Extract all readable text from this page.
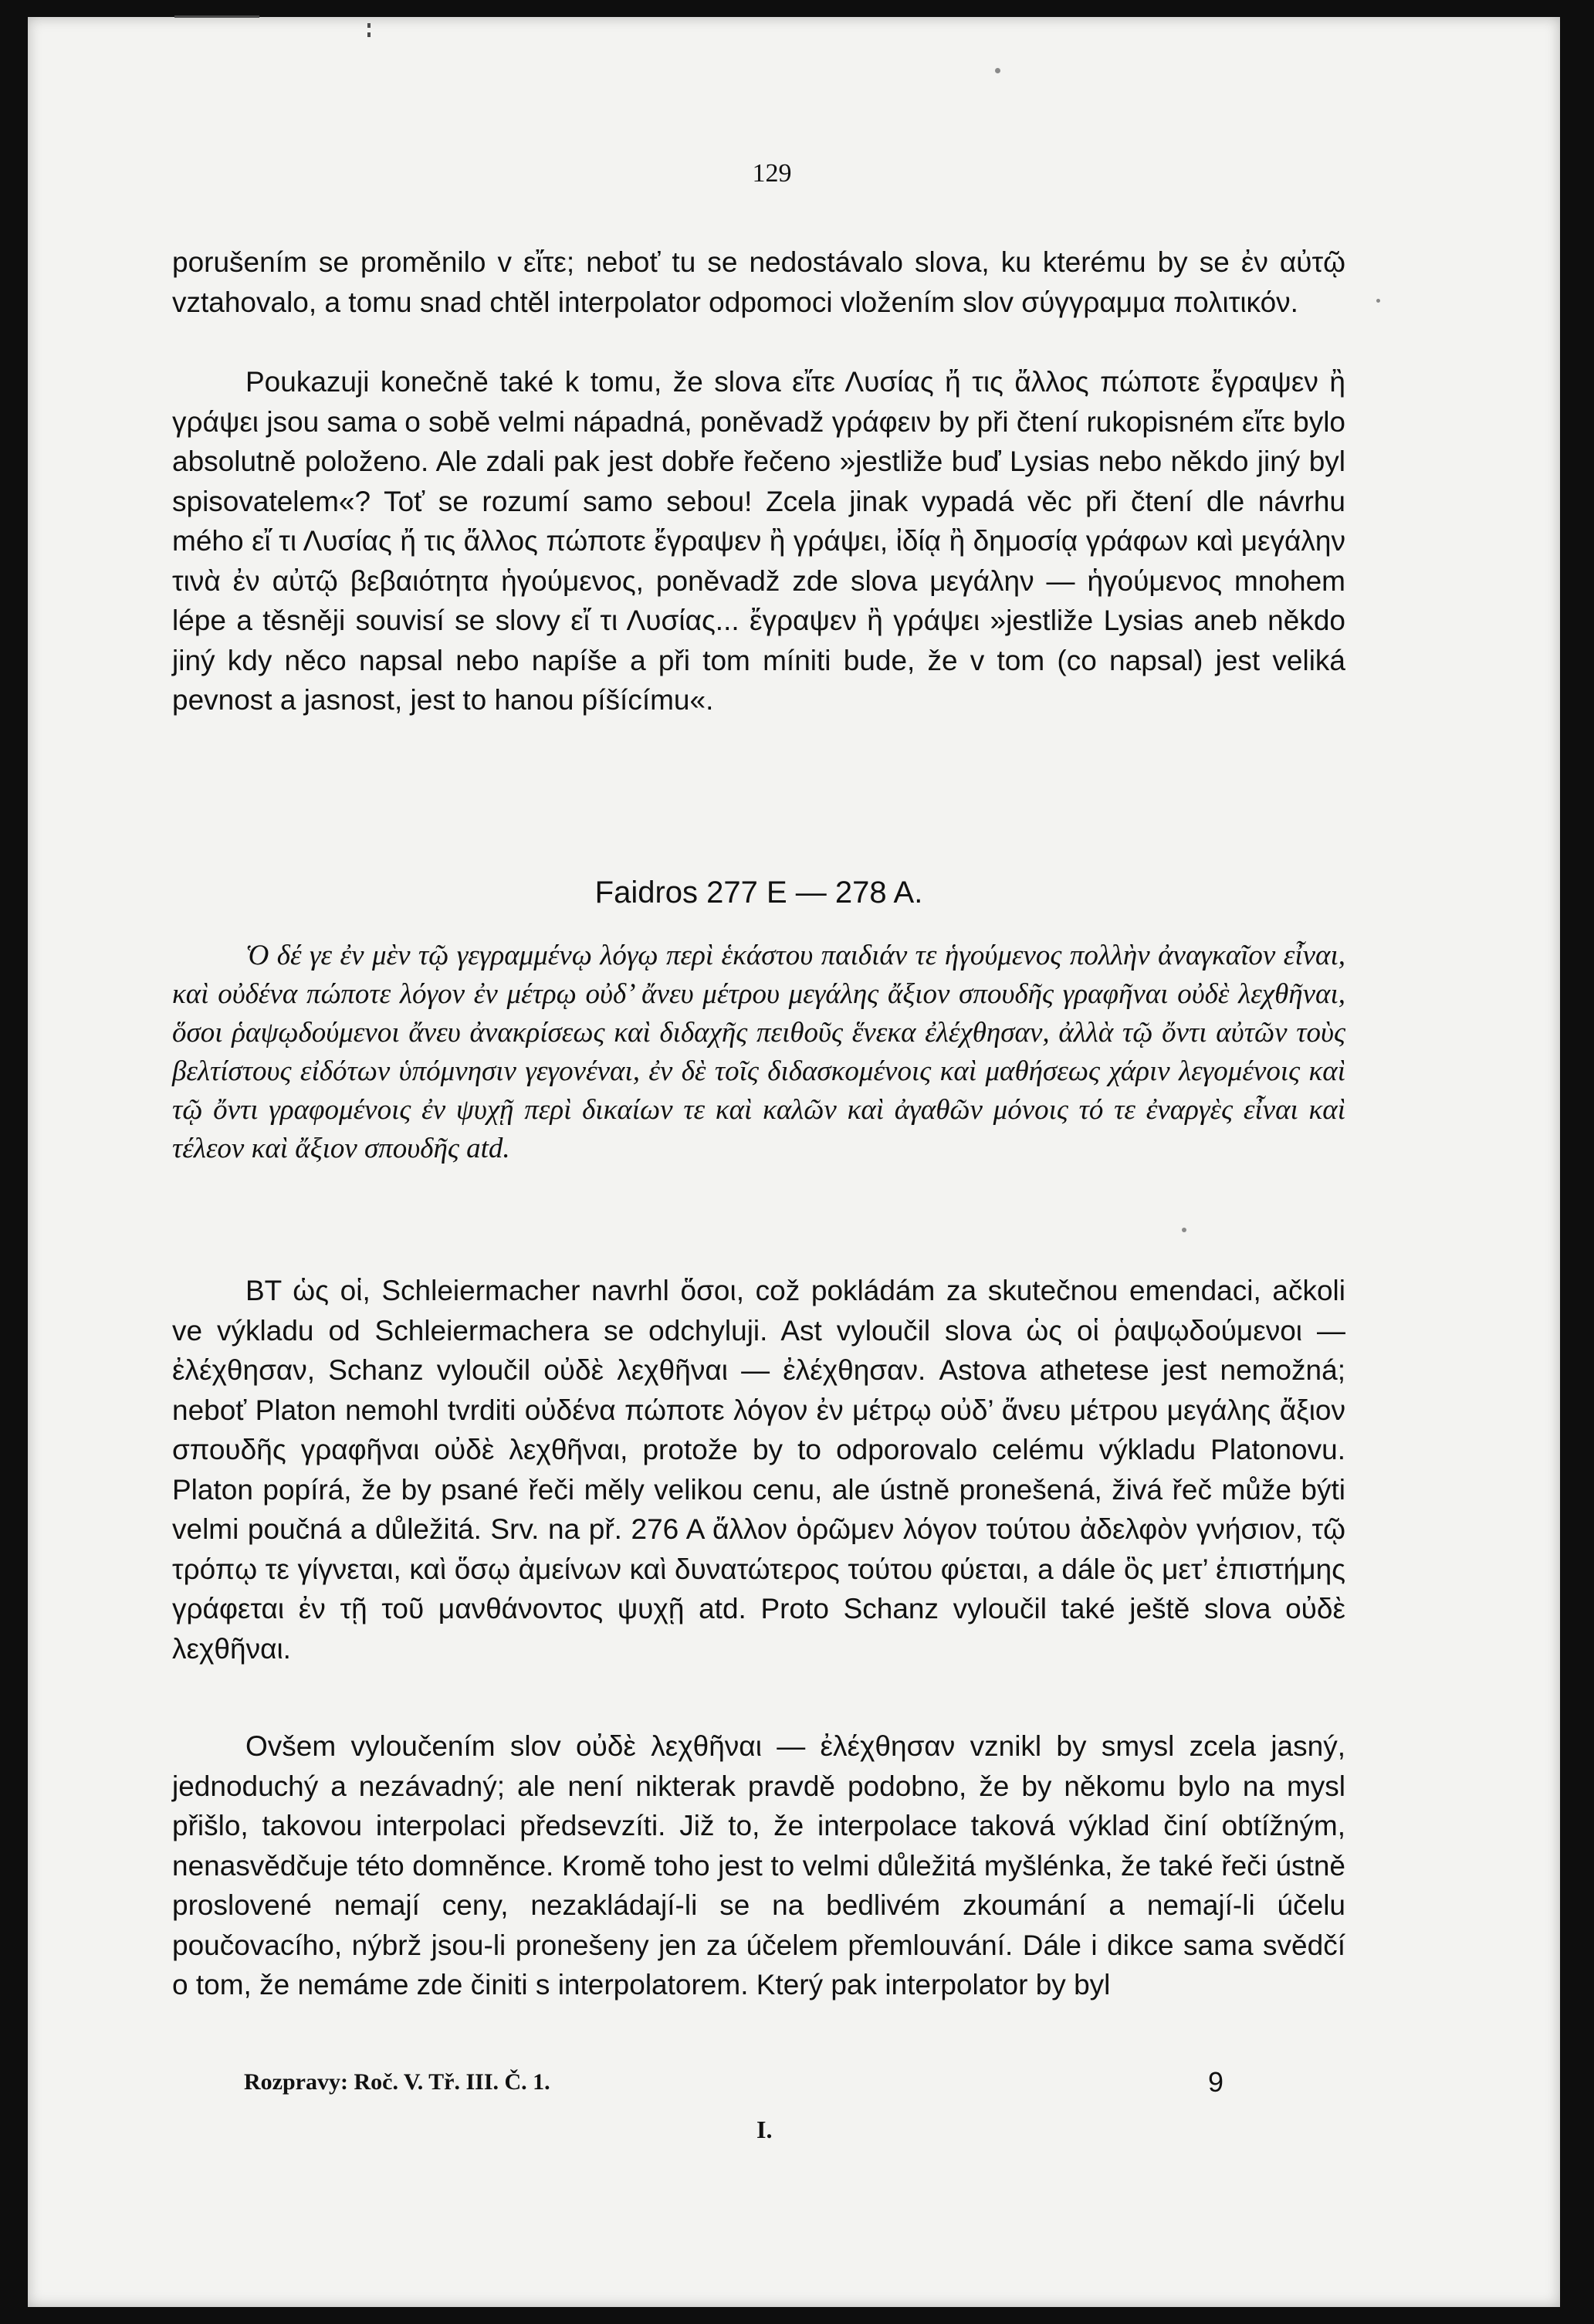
129

porušením se proměnilo v εἴτε; neboť tu se nedostávalo slova, ku kterému by se ἐν αὐτῷ vztahovalo, a tomu snad chtěl interpolator odpomoci vložením slov σύγγραμμα πολιτικόν.

Poukazuji konečně také k tomu, že slova εἴτε Λυσίας ἤ τις ἄλλος πώποτε ἔγραψεν ἢ γράψει jsou sama o sobě velmi nápadná, poněvadž γράφειν by při čtení rukopisném εἴτε bylo absolutně položeno. Ale zdali pak jest dobře řečeno »jestliže buď Lysias nebo někdo jiný byl spisovatelem«? Toť se rozumí samo sebou! Zcela jinak vypadá věc při čtení dle návrhu mého εἴ τι Λυσίας ἤ τις ἄλλος πώποτε ἔγραψεν ἢ γράψει, ἰδίᾳ ἢ δημοσίᾳ γράφων καὶ μεγάλην τινὰ ἐν αὐτῷ βεβαιότητα ἡγούμενος, poněvadž zde slova μεγάλην — ἡγούμενος mnohem lépe a těsněji souvisí se slovy εἴ τι Λυσίας... ἔγραψεν ἢ γράψει »jestliže Lysias aneb někdo jiný kdy něco napsal nebo napíše a při tom míniti bude, že v tom (co napsal) jest veliká pevnost a jasnost, jest to hanou píšícímu«.

Faidros 277 E — 278 A.

Ὁ δέ γε ἐν μὲν τῷ γεγραμμένῳ λόγῳ περὶ ἑκάστου παιδιάν τε ἡγούμενος πολλὴν ἀναγκαῖον εἶναι, καὶ οὐδένα πώποτε λόγον ἐν μέτρῳ οὐδ’ ἄνευ μέτρου μεγάλης ἄξιον σπουδῆς γραφῆναι οὐδὲ λεχθῆναι, ὅσοι ῥαψῳδούμενοι ἄνευ ἀνακρίσεως καὶ διδαχῆς πειθοῦς ἕνεκα ἐλέχθησαν, ἀλλὰ τῷ ὄντι αὐτῶν τοὺς βελτίστους εἰδότων ὑπόμνησιν γεγονέναι, ἐν δὲ τοῖς διδασκομένοις καὶ μαθήσεως χάριν λεγομένοις καὶ τῷ ὄντι γραφομένοις ἐν ψυχῇ περὶ δικαίων τε καὶ καλῶν καὶ ἀγαθῶν μόνοις τό τε ἐναργὲς εἶναι καὶ τέλεον καὶ ἄξιον σπουδῆς atd.

BT ὡς οἱ, Schleiermacher navrhl ὅσοι, což pokládám za skutečnou emendaci, ačkoli ve výkladu od Schleiermachera se odchyluji. Ast vyloučil slova ὡς οἱ ῥαψῳδούμενοι — ἐλέχθησαν, Schanz vyloučil οὐδὲ λεχθῆναι — ἐλέχθησαν. Astova athetese jest nemožná; neboť Platon nemohl tvrditi οὐδένα πώποτε λόγον ἐν μέτρῳ οὐδ’ ἄνευ μέτρου μεγάλης ἄξιον σπουδῆς γραφῆναι οὐδὲ λεχθῆναι, protože by to odporovalo celému výkladu Platonovu. Platon popírá, že by psané řeči měly velikou cenu, ale ústně pronešená, živá řeč může býti velmi poučná a důležitá. Srv. na př. 276 A ἄλλον ὁρῶμεν λόγον τούτου ἀδελφὸν γνήσιον, τῷ τρόπῳ τε γίγνεται, καὶ ὅσῳ ἀμείνων καὶ δυνατώτερος τούτου φύεται, a dále ὃς μετ’ ἐπιστήμης γράφεται ἐν τῇ τοῦ μανθάνοντος ψυχῇ atd. Proto Schanz vyloučil také ještě slova οὐδὲ λεχθῆναι.

Ovšem vyloučením slov οὐδὲ λεχθῆναι — ἐλέχθησαν vznikl by smysl zcela jasný, jednoduchý a nezávadný; ale není nikterak pravdě podobno, že by někomu bylo na mysl přišlo, takovou interpolaci předsevzíti. Již to, že interpolace taková výklad činí obtížným, nenasvědčuje této domněnce. Kromě toho jest to velmi důležitá myšlénka, že také řeči ústně proslovené nemají ceny, nezakládají-li se na bedlivém zkoumání a nemají-li účelu poučovacího, nýbrž jsou-li pronešeny jen za účelem přemlouvání. Dále i dikce sama svědčí o tom, že nemáme zde činiti s interpolatorem. Který pak interpolator by byl

Rozpravy: Roč. V. Tř. III. Č. 1.	9

I.
